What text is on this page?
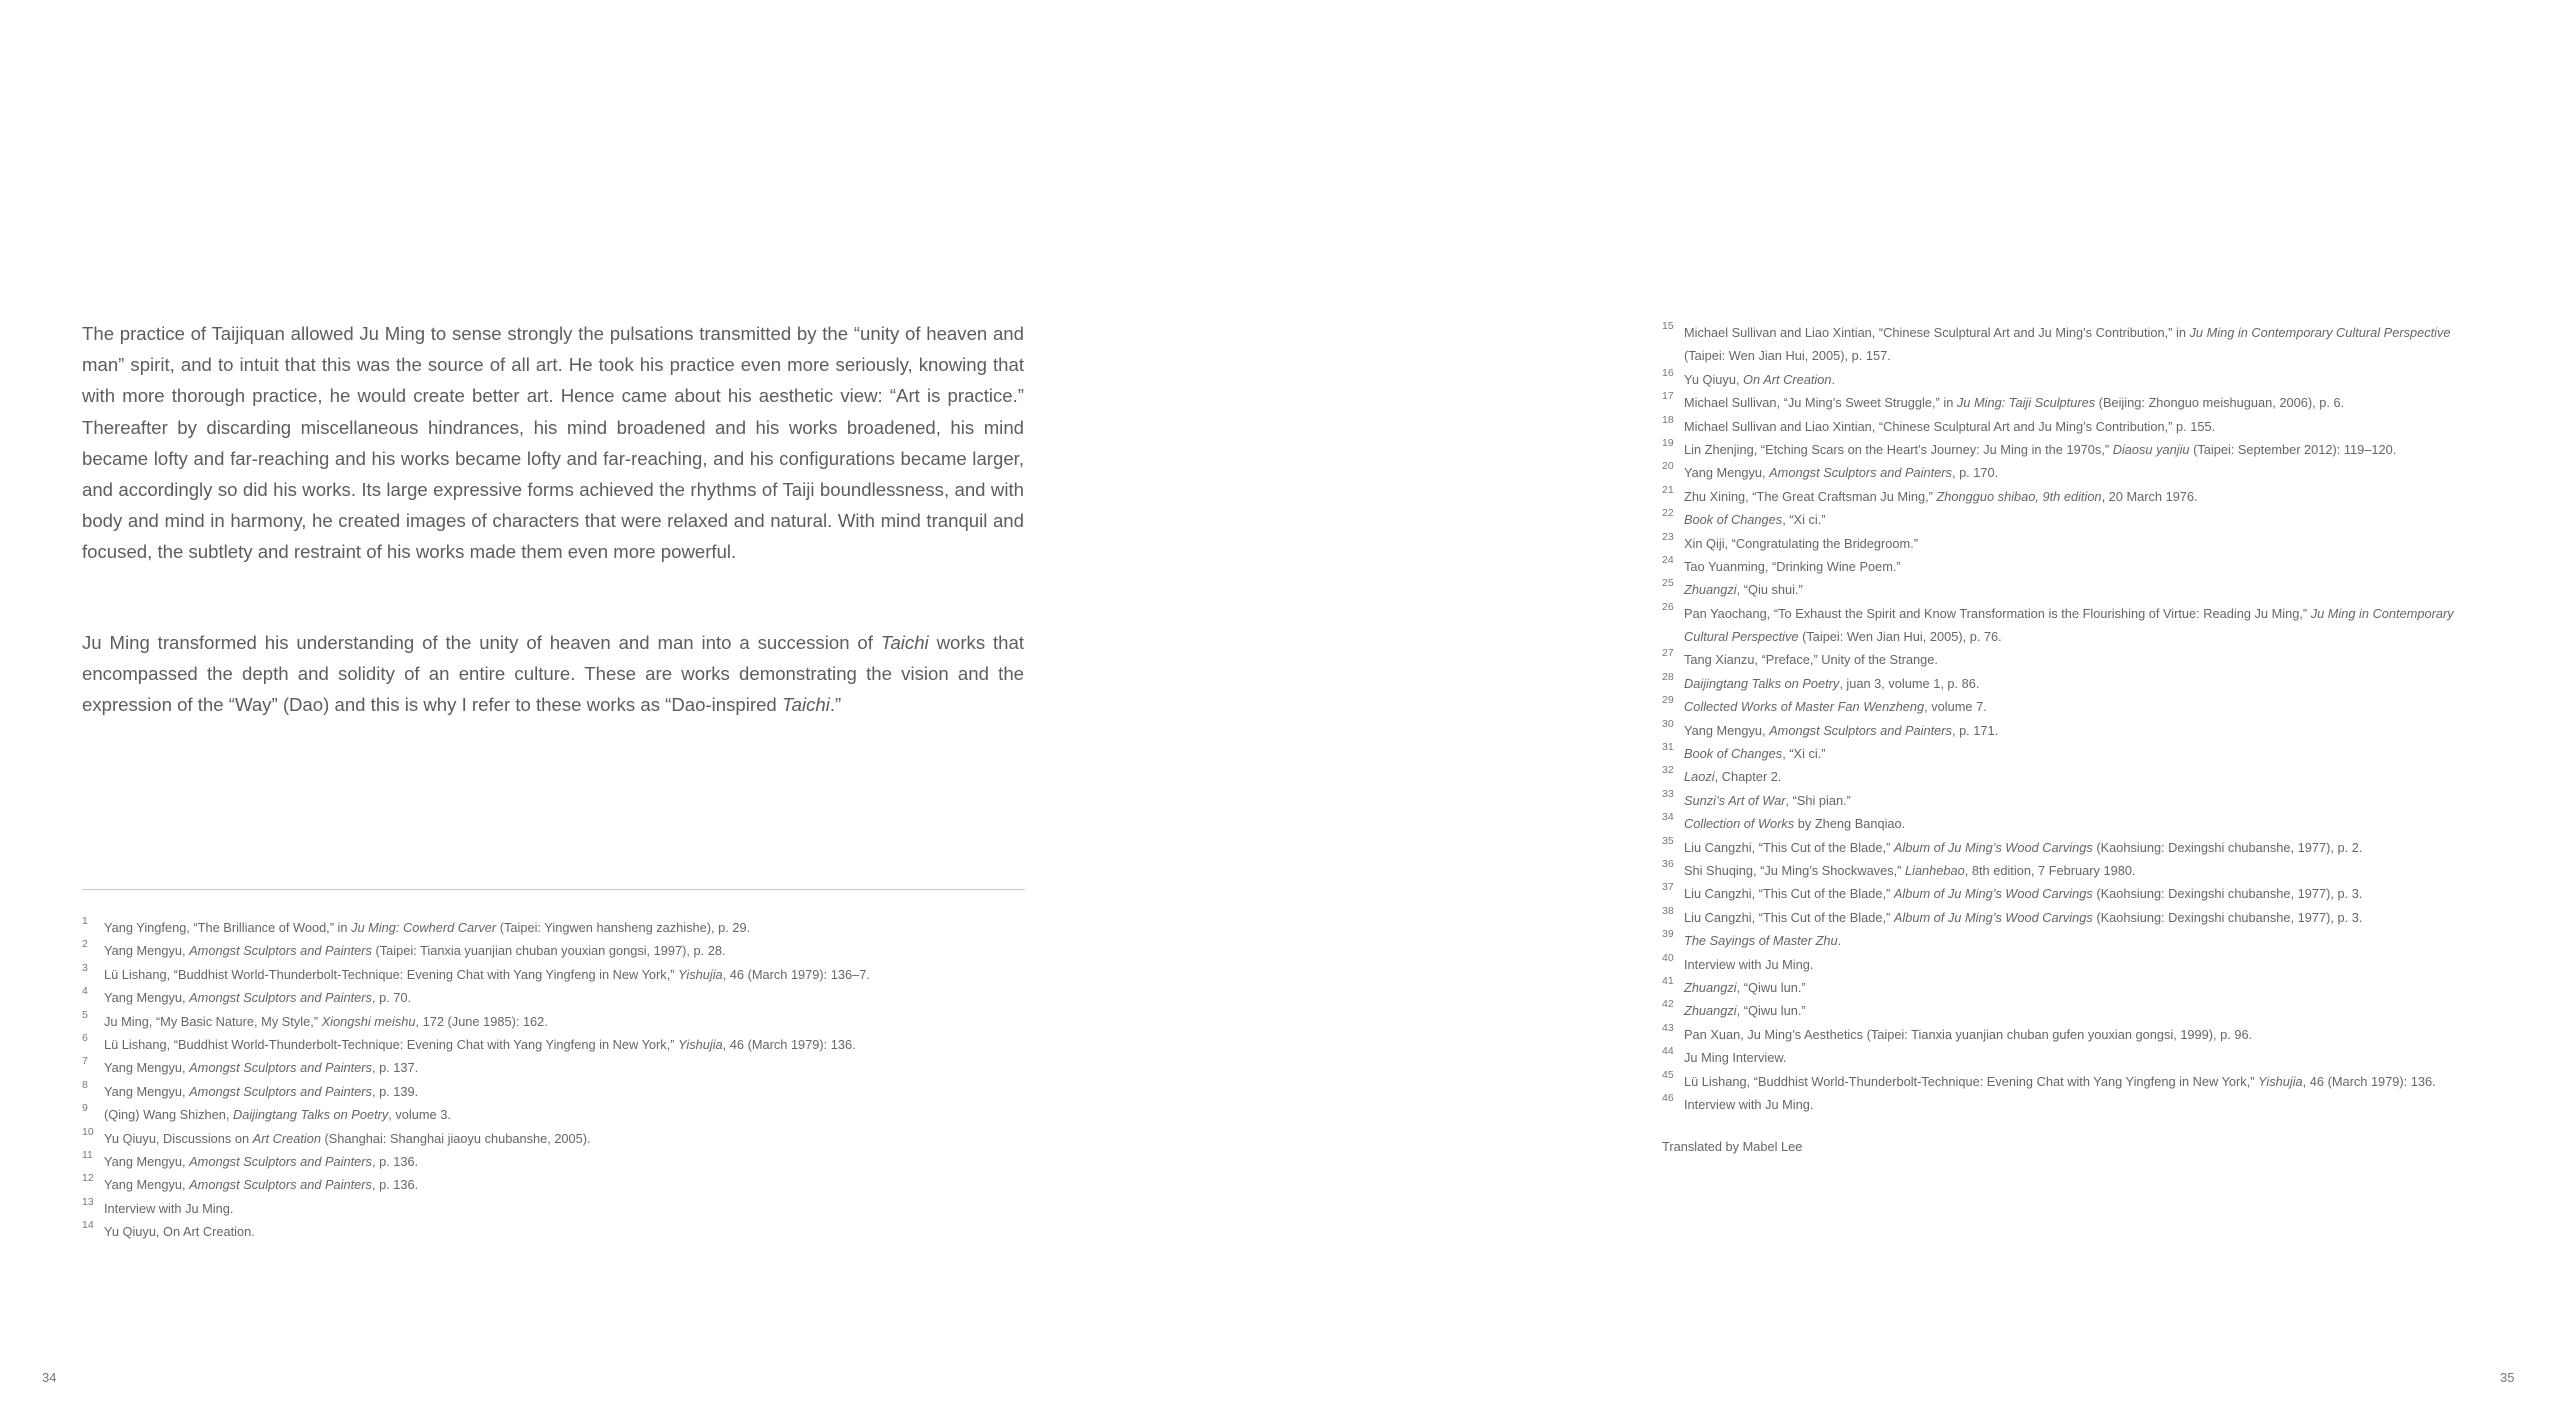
The practice of Taijiquan allowed Ju Ming to sense strongly the pulsations transmitted by the “unity of heaven and man” spirit, and to intuit that this was the source of all art. He took his practice even more seriously, knowing that with more thorough practice, he would create better art. Hence came about his aesthetic view: “Art is practice.” Thereafter by discarding miscellaneous hindrances, his mind broadened and his works broadened, his mind became lofty and far-reaching and his works became lofty and far-reaching, and his configurations became larger, and accordingly so did his works. Its large expressive forms achieved the rhythms of Taiji boundlessness, and with body and mind in harmony, he created images of characters that were relaxed and natural. With mind tranquil and focused, the subtlety and restraint of his works made them even more powerful.

Ju Ming transformed his understanding of the unity of heaven and man into a succession of Taichi works that encompassed the depth and solidity of an entire culture. These are works demonstrating the vision and the expression of the “Way” (Dao) and this is why I refer to these works as “Dao-inspired Taichi.”

1 Yang Yingfeng, “The Brilliance of Wood,” in Ju Ming: Cowherd Carver (Taipei: Yingwen hansheng zazhishe), p. 29.
2 Yang Mengyu, Amongst Sculptors and Painters (Taipei: Tianxia yuanjian chuban youxian gongsi, 1997), p. 28.
3 Lü Lishang, “Buddhist World-Thunderbolt-Technique: Evening Chat with Yang Yingfeng in New York,” Yishujia, 46 (March 1979): 136–7.
4 Yang Mengyu, Amongst Sculptors and Painters, p. 70.
5 Ju Ming, “My Basic Nature, My Style,” Xiongshi meishu, 172 (June 1985): 162.
6 Lü Lishang, “Buddhist World-Thunderbolt-Technique: Evening Chat with Yang Yingfeng in New York,” Yishujia, 46 (March 1979): 136.
7 Yang Mengyu, Amongst Sculptors and Painters, p. 137.
8 Yang Mengyu, Amongst Sculptors and Painters, p. 139.
9 (Qing) Wang Shizhen, Daijingtang Talks on Poetry, volume 3.
10 Yu Qiuyu, Discussions on Art Creation (Shanghai: Shanghai jiaoyu chubanshe, 2005).
11 Yang Mengyu, Amongst Sculptors and Painters, p. 136.
12 Yang Mengyu, Amongst Sculptors and Painters, p. 136.
13 Interview with Ju Ming.
14 Yu Qiuyu, On Art Creation.
15 Michael Sullivan and Liao Xintian, “Chinese Sculptural Art and Ju Ming’s Contribution,” in Ju Ming in Contemporary Cultural Perspective
(Taipei: Wen Jian Hui, 2005), p. 157.
16 Yu Qiuyu, On Art Creation.
17 Michael Sullivan, “Ju Ming’s Sweet Struggle,” in Ju Ming: Taiji Sculptures (Beijing: Zhonguo meishuguan, 2006), p. 6.
18 Michael Sullivan and Liao Xintian, “Chinese Sculptural Art and Ju Ming’s Contribution,” p. 155.
19 Lin Zhenjing, “Etching Scars on the Heart’s Journey: Ju Ming in the 1970s,” Diaosu yanjiu (Taipei: September 2012): 119–120.
20 Yang Mengyu, Amongst Sculptors and Painters, p. 170.
21 Zhu Xining, “The Great Craftsman Ju Ming,” Zhongguo shibao, 9th edition, 20 March 1976.
22 Book of Changes, “Xi ci.”
23 Xin Qiji, “Congratulating the Bridegroom.”
24 Tao Yuanming, “Drinking Wine Poem.”
25 Zhuangzi, “Qiu shui.”
26 Pan Yaochang, “To Exhaust the Spirit and Know Transformation is the Flourishing of Virtue: Reading Ju Ming,” Ju Ming in Contemporary
Cultural Perspective (Taipei: Wen Jian Hui, 2005), p. 76.
27 Tang Xianzu, “Preface,” Unity of the Strange.
28 Daijingtang Talks on Poetry, juan 3, volume 1, p. 86.
29 Collected Works of Master Fan Wenzheng, volume 7.
30 Yang Mengyu, Amongst Sculptors and Painters, p. 171.
31 Book of Changes, “Xi ci.”
32 Laozi, Chapter 2.
33 Sunzi’s Art of War, “Shi pian.”
34 Collection of Works by Zheng Banqiao.
35 Liu Cangzhi, “This Cut of the Blade,” Album of Ju Ming’s Wood Carvings (Kaohsiung: Dexingshi chubanshe, 1977), p. 2.
36 Shi Shuqing, “Ju Ming’s Shockwaves,” Lianhebao, 8th edition, 7 February 1980.
37 Liu Cangzhi, “This Cut of the Blade,” Album of Ju Ming’s Wood Carvings (Kaohsiung: Dexingshi chubanshe, 1977), p. 3.
38 Liu Cangzhi, “This Cut of the Blade,” Album of Ju Ming’s Wood Carvings (Kaohsiung: Dexingshi chubanshe, 1977), p. 3.
39 The Sayings of Master Zhu.
40 Interview with Ju Ming.
41 Zhuangzi, “Qiwu lun.”
42 Zhuangzi, “Qiwu lun.”
43 Pan Xuan, Ju Ming’s Aesthetics (Taipei: Tianxia yuanjian chuban gufen youxian gongsi, 1999), p. 96.
44 Ju Ming Interview.
45 Lü Lishang, “Buddhist World-Thunderbolt-Technique: Evening Chat with Yang Yingfeng in New York,” Yishujia, 46 (March 1979): 136.
46 Interview with Ju Ming.
Translated by Mabel Lee
34	35
